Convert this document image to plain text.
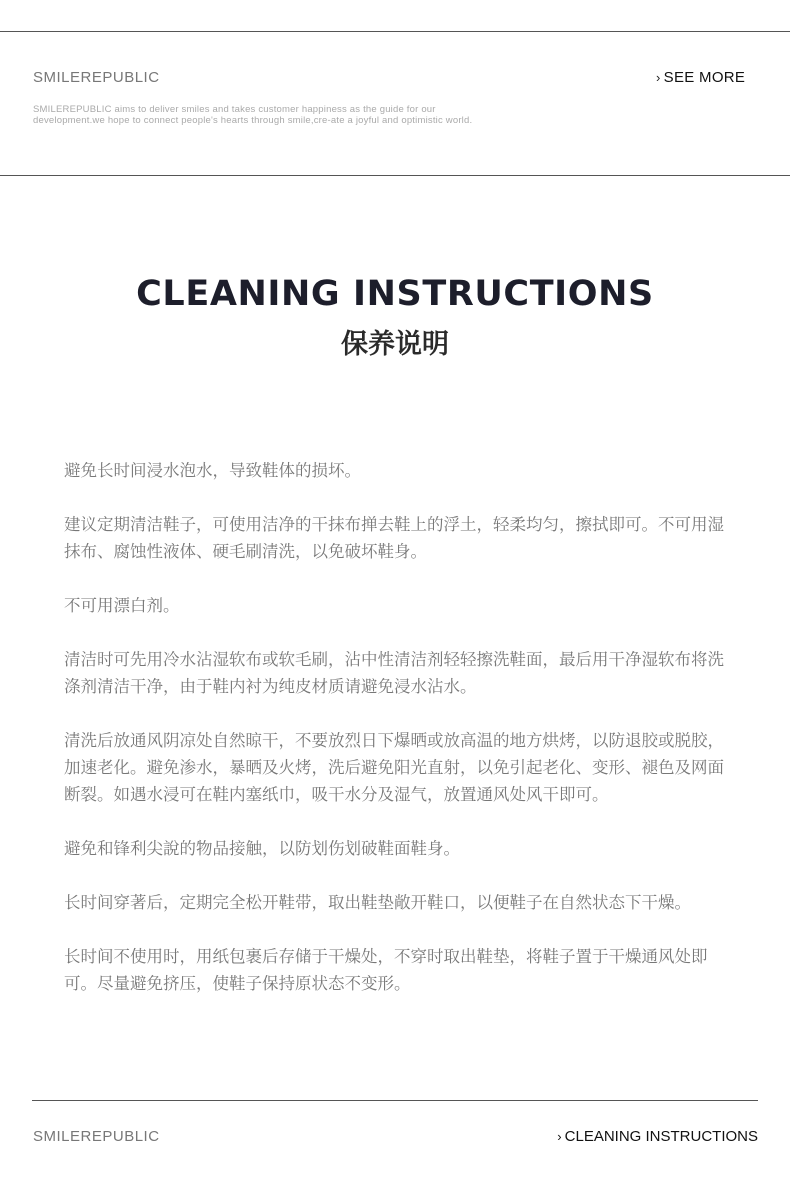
SMILEREPUBLIC	› SEE MORE
SMILEREPUBLIC aims to deliver smiles and takes customer happiness as the guide for our development.we hope to connect people's hearts through smile,cre-ate a joyful and optimistic world.
CLEANING INSTRUCTIONS
保养说明

避免长时间浸水泡水，导致鞋体的损坏。

建议定期清洁鞋子，可使用洁净的干抹布掸去鞋上的浮土，轻柔均匀，擦拭即可。不可用湿抹布、腐蚀性液体、硬毛刷清洗，以免破坏鞋身。

不可用漂白剂。

清洁时可先用冷水沾湿软布或软毛刷，沾中性清洁剂轻轻擦洗鞋面，最后用干净湿软布将洗涤剂清洁干净，由于鞋内衬为纯皮材质请避免浸水沾水。

清洗后放通风阴凉处自然晾干，不要放烈日下爆晒或放高温的地方烘烤，以防退胶或脱胶，加速老化。避免渗水，暴晒及火烤，洗后避免阳光直射，以免引起老化、变形、褪色及网面断裂。如遇水浸可在鞋内塞纸巾，吸干水分及湿气，放置通风处风干即可。

避免和锋利尖說的物品接触，以防划伤划破鞋面鞋身。

长时间穿著后，定期完全松开鞋带，取出鞋垫敞开鞋口，以便鞋子在自然状态下干燥。

长时间不使用时，用纸包裹后存储于干燥处，不穿时取出鞋垫，将鞋子置于干燥通风处即可。尽量避免挤压，使鞋子保持原状态不变形。

SMILEREPUBLIC	› CLEANING INSTRUCTIONS
